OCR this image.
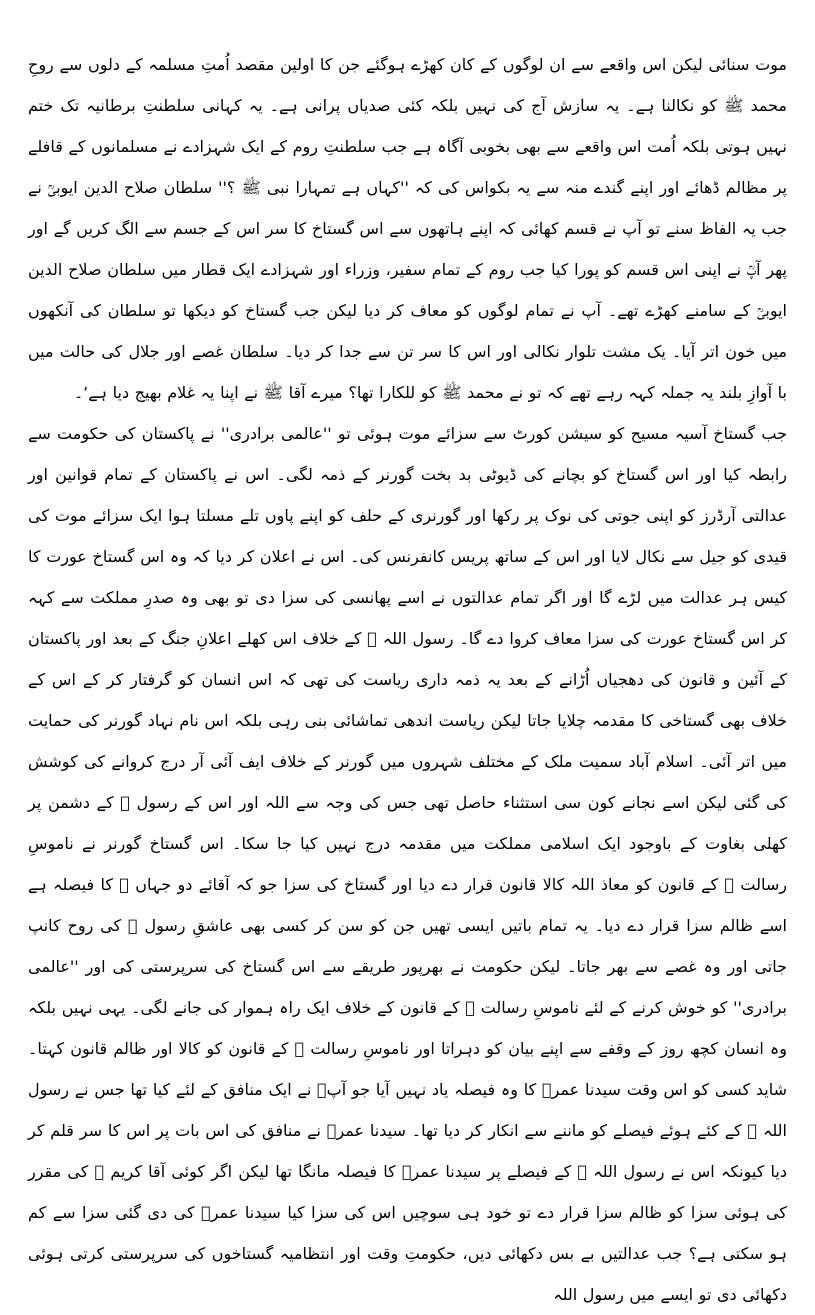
موت سنائی لیکن اس واقعے سے ان لوگوں کے کان کھڑے ہوگئے جن کا اولین مقصد اُمتِ مسلمہ کے دلوں سے روحِ محمد ﷺ کو نکالنا ہے۔ یہ سازش آج کی نہیں بلکہ کئی صدیاں پرانی ہے۔ یہ کہانی سلطنتِ برطانیہ تک ختم نہیں ہوتی بلکہ اُمت اس واقعے سے بھی بخوبی آگاہ ہے جب سلطنتِ روم کے ایک شہزادے نے مسلمانوں کے قافلے پر مظالم ڈھائے اور اپنے گندے منہ سے یہ بکواس کی کہ ''کہاں ہے تمہارا نبی ﷺ ؟'' سلطان صلاح الدین ایوبیؒ نے جب یہ الفاظ سنے تو آپ نے قسم کھائی کہ اپنے ہاتھوں سے اس گستاخ کا سر اس کے جسم سے الگ کریں گے اور پھر آپؒ نے اپنی اس قسم کو پورا کیا جب روم کے تمام سفیر، وزراء اور شہزادے ایک قطار میں سلطان صلاح الدین ایوبیؒ کے سامنے کھڑے تھے۔ آپ نے تمام لوگوں کو معاف کر دیا لیکن جب گستاخ کو دیکھا تو سلطان کی آنکھوں میں خون اتر آیا۔ یک مشت تلوار نکالی اور اس کا سر تن سے جدا کر دیا۔ سلطان غصے اور جلال کی حالت میں با آوازِ بلند یہ جملہ کہہ رہے تھے کہ تو نے محمد ﷺ کو للکارا تھا؟ میرے آقا ﷺ نے اپنا یہ غلام بھیج دیا ہے‘۔

جب گستاخ آسیہ مسیح کو سیشن کورٹ سے سزائے موت ہوئی تو ''عالمی برادری'' نے پاکستان کی حکومت سے رابطہ کیا اور اس گستاخ کو بچانے کی ڈیوٹی بد بخت گورنر کے ذمہ لگی۔ اس نے پاکستان کے تمام قوانین اور عدالتی آرڈرز کو اپنی جوتی کی نوک پر رکھا اور گورنری کے حلف کو اپنے پاوں تلے مسلتا ہوا ایک سزائے موت کی قیدی کو جیل سے نکال لایا اور اس کے ساتھ پریس کانفرنس کی۔ اس نے اعلان کر دیا کہ وہ اس گستاخ عورت کا کیس ہر عدالت میں لڑے گا اور اگر تمام عدالتوں نے اسے پھانسی کی سزا دی تو بھی وہ صدرِ مملکت سے کہہ کر اس گستاخ عورت کی سزا معاف کروا دے گا۔ رسول اللہ ﷺ کے خلاف اس کھلے اعلانِ جنگ کے بعد اور پاکستان کے آئین و قانون کی دھجیاں اُڑانے کے بعد یہ ذمہ داری ریاست کی تھی کہ اس انسان کو گرفتار کر کے اس کے خلاف بھی گستاخی کا مقدمہ چلایا جاتا لیکن ریاست اندھی تماشائی بنی رہی بلکہ اس نام نہاد گورنر کی حمایت میں اتر آئی۔ اسلام آباد سمیت ملک کے مختلف شہروں میں گورنر کے خلاف ایف آئی آر درج کروانے کی کوشش کی گئی لیکن اسے نجانے کون سی استثناء حاصل تھی جس کی وجہ سے اللہ اور اس کے رسول ﷺ کے دشمن پر کھلی بغاوت کے باوجود ایک اسلامی مملکت میں مقدمہ درج نہیں کیا جا سکا۔ اس گستاخ گورنر نے ناموسِ رسالت ﷺ کے قانون کو معاذ اللہ کالا قانون قرار دے دیا اور گستاخ کی سزا جو کہ آقائے دو جہاں ﷺ کا فیصلہ ہے اسے ظالم سزا قرار دے دیا۔ یہ تمام باتیں ایسی تھیں جن کو سن کر کسی بھی عاشقِ رسول ﷺ کی روح کانپ جاتی اور وہ غصے سے بھر جاتا۔ لیکن حکومت نے بھرپور طریقے سے اس گستاخ کی سرپرستی کی اور ''عالمی برادری'' کو خوش کرنے کے لئے ناموسِ رسالت ﷺ کے قانون کے خلاف ایک راہ ہموار کی جانے لگی۔ یہی نہیں بلکہ وہ انسان کچھ روز کے وقفے سے اپنے بیان کو دہراتا اور ناموسِ رسالت ﷺ کے قانون کو کالا اور ظالم قانون کہتا۔ شاید کسی کو اس وقت سیدنا عمرؓ کا وہ فیصلہ یاد نہیں آیا جو آپؓ نے ایک منافق کے لئے کیا تھا جس نے رسول اللہ ﷺ کے کئے ہوئے فیصلے کو ماننے سے انکار کر دیا تھا۔ سیدنا عمرؓ نے منافق کی اس بات پر اس کا سر قلم کر دیا کیونکہ اس نے رسول اللہ ﷺ کے فیصلے پر سیدنا عمرؓ کا فیصلہ مانگا تھا لیکن اگر کوئی آقا کریم ﷺ کی مقرر کی ہوئی سزا کو ظالم سزا قرار دے تو خود ہی سوچیں اس کی سزا کیا سیدنا عمرؓ کی دی گئی سزا سے کم ہو سکتی ہے؟ جب عدالتیں بے بس دکھائی دیں، حکومتِ وقت اور انتظامیہ گستاخوں کی سرپرستی کرتی ہوئی دکھائی دی تو ایسے میں رسول اللہ
